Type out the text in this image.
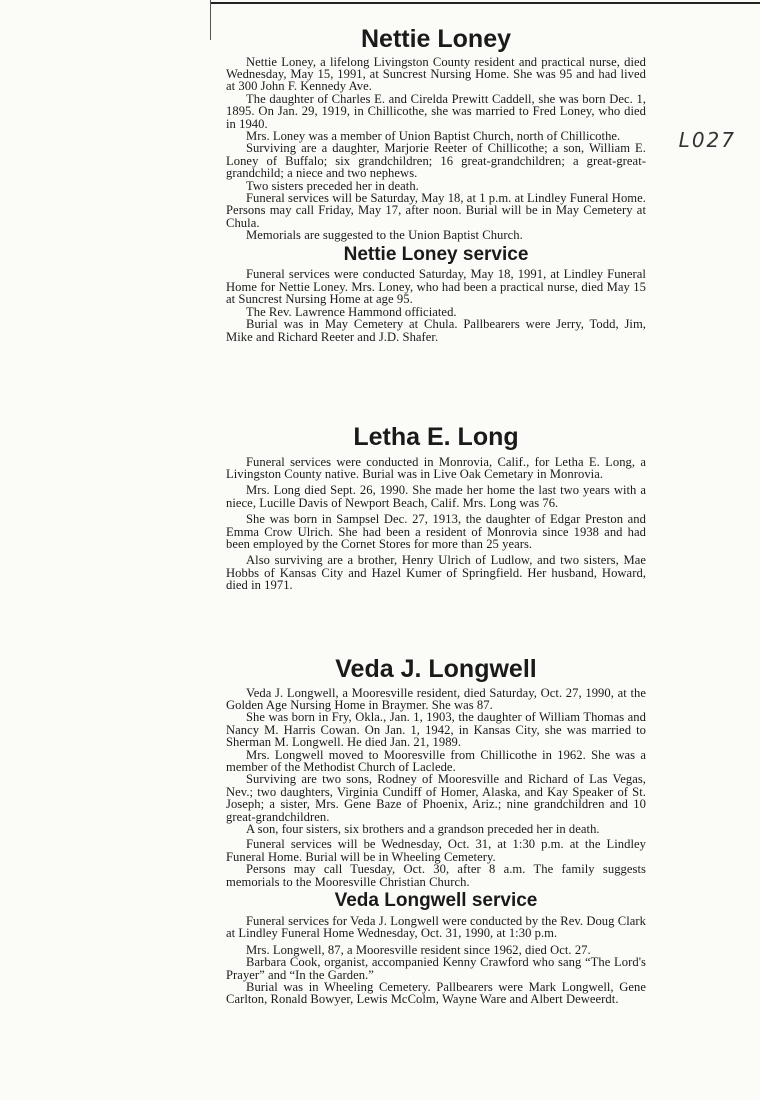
L027
Nettie Loney

Nettie Loney, a lifelong Livingston County resident and practical nurse, died Wednesday, May 15, 1991, at Suncrest Nursing Home. She was 95 and had lived at 300 John F. Kennedy Ave.

The daughter of Charles E. and Cirelda Prewitt Caddell, she was born Dec. 1, 1895. On Jan. 29, 1919, in Chillicothe, she was married to Fred Loney, who died in 1940.

Mrs. Loney was a member of Union Baptist Church, north of Chillicothe.

Surviving are a daughter, Marjorie Reeter of Chillicothe; a son, William E. Loney of Buffalo; six grandchildren; 16 great-grandchildren; a great-great-grandchild; a niece and two nephews.

Two sisters preceded her in death.

Funeral services will be Saturday, May 18, at 1 p.m. at Lindley Funeral Home. Persons may call Friday, May 17, after noon. Burial will be in May Cemetery at Chula.

Memorials are suggested to the Union Baptist Church.

Nettie Loney service

Funeral services were conducted Saturday, May 18, 1991, at Lindley Funeral Home for Nettie Loney. Mrs. Loney, who had been a practical nurse, died May 15 at Suncrest Nursing Home at age 95.

The Rev. Lawrence Hammond officiated.

Burial was in May Cemetery at Chula. Pallbearers were Jerry, Todd, Jim, Mike and Richard Reeter and J.D. Shafer.

Letha E. Long

Funeral services were conducted in Monrovia, Calif., for Letha E. Long, a Livingston County native. Burial was in Live Oak Cemetary in Monrovia.

Mrs. Long died Sept. 26, 1990. She made her home the last two years with a niece, Lucille Davis of Newport Beach, Calif. Mrs. Long was 76.

She was born in Sampsel Dec. 27, 1913, the daughter of Edgar Preston and Emma Crow Ulrich. She had been a resident of Monrovia since 1938 and had been employed by the Cornet Stores for more than 25 years.

Also surviving are a brother, Henry Ulrich of Ludlow, and two sisters, Mae Hobbs of Kansas City and Hazel Kumer of Springfield. Her husband, Howard, died in 1971.

Veda J. Longwell

Veda J. Longwell, a Mooresville resident, died Saturday, Oct. 27, 1990, at the Golden Age Nursing Home in Braymer. She was 87.

She was born in Fry, Okla., Jan. 1, 1903, the daughter of William Thomas and Nancy M. Harris Cowan. On Jan. 1, 1942, in Kansas City, she was married to Sherman M. Longwell. He died Jan. 21, 1989.

Mrs. Longwell moved to Mooresville from Chillicothe in 1962. She was a member of the Methodist Church of Laclede.

Surviving are two sons, Rodney of Mooresville and Richard of Las Vegas, Nev.; two daughters, Virginia Cundiff of Homer, Alaska, and Kay Speaker of St. Joseph; a sister, Mrs. Gene Baze of Phoenix, Ariz.; nine grandchildren and 10 great-grandchildren.

A son, four sisters, six brothers and a grandson preceded her in death.

Funeral services will be Wednesday, Oct. 31, at 1:30 p.m. at the Lindley Funeral Home. Burial will be in Wheeling Cemetery.

Persons may call Tuesday, Oct. 30, after 8 a.m. The family suggests memorials to the Mooresville Christian Church.

Veda Longwell service

Funeral services for Veda J. Longwell were conducted by the Rev. Doug Clark at Lindley Funeral Home Wednesday, Oct. 31, 1990, at 1:30 p.m.

Mrs. Longwell, 87, a Mooresville resident since 1962, died Oct. 27.

Barbara Cook, organist, accompanied Kenny Crawford who sang “The Lord's Prayer” and “In the Garden.”

Burial was in Wheeling Cemetery. Pallbearers were Mark Longwell, Gene Carlton, Ronald Bowyer, Lewis McColm, Wayne Ware and Albert Deweerdt.
